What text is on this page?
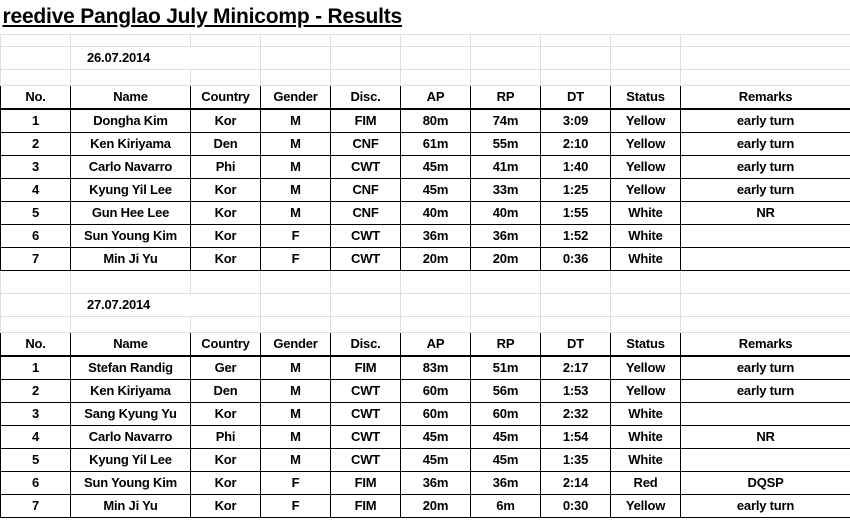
reedive Panglao July Minicomp - Results									

	26.07.2014								

No.	Name	Country	Gender	Disc.	AP	RP	DT	Status	Remarks
1	Dongha Kim	Kor	M	FIM	80m	74m	3:09	Yellow	early turn
2	Ken Kiriyama	Den	M	CNF	61m	55m	2:10	Yellow	early turn
3	Carlo Navarro	Phi	M	CWT	45m	41m	1:40	Yellow	early turn
4	Kyung Yil Lee	Kor	M	CNF	45m	33m	1:25	Yellow	early turn
5	Gun Hee Lee	Kor	M	CNF	40m	40m	1:55	White	NR
6	Sun Young Kim	Kor	F	CWT	36m	36m	1:52	White	
7	Min Ji Yu	Kor	F	CWT	20m	20m	0:36	White	

	27.07.2014								

No.	Name	Country	Gender	Disc.	AP	RP	DT	Status	Remarks
1	Stefan Randig	Ger	M	FIM	83m	51m	2:17	Yellow	early turn
2	Ken Kiriyama	Den	M	CWT	60m	56m	1:53	Yellow	early turn
3	Sang Kyung Yu	Kor	M	CWT	60m	60m	2:32	White	
4	Carlo Navarro	Phi	M	CWT	45m	45m	1:54	White	NR
5	Kyung Yil Lee	Kor	M	CWT	45m	45m	1:35	White	
6	Sun Young Kim	Kor	F	FIM	36m	36m	2:14	Red	DQSP
7	Min Ji Yu	Kor	F	FIM	20m	6m	0:30	Yellow	early turn
